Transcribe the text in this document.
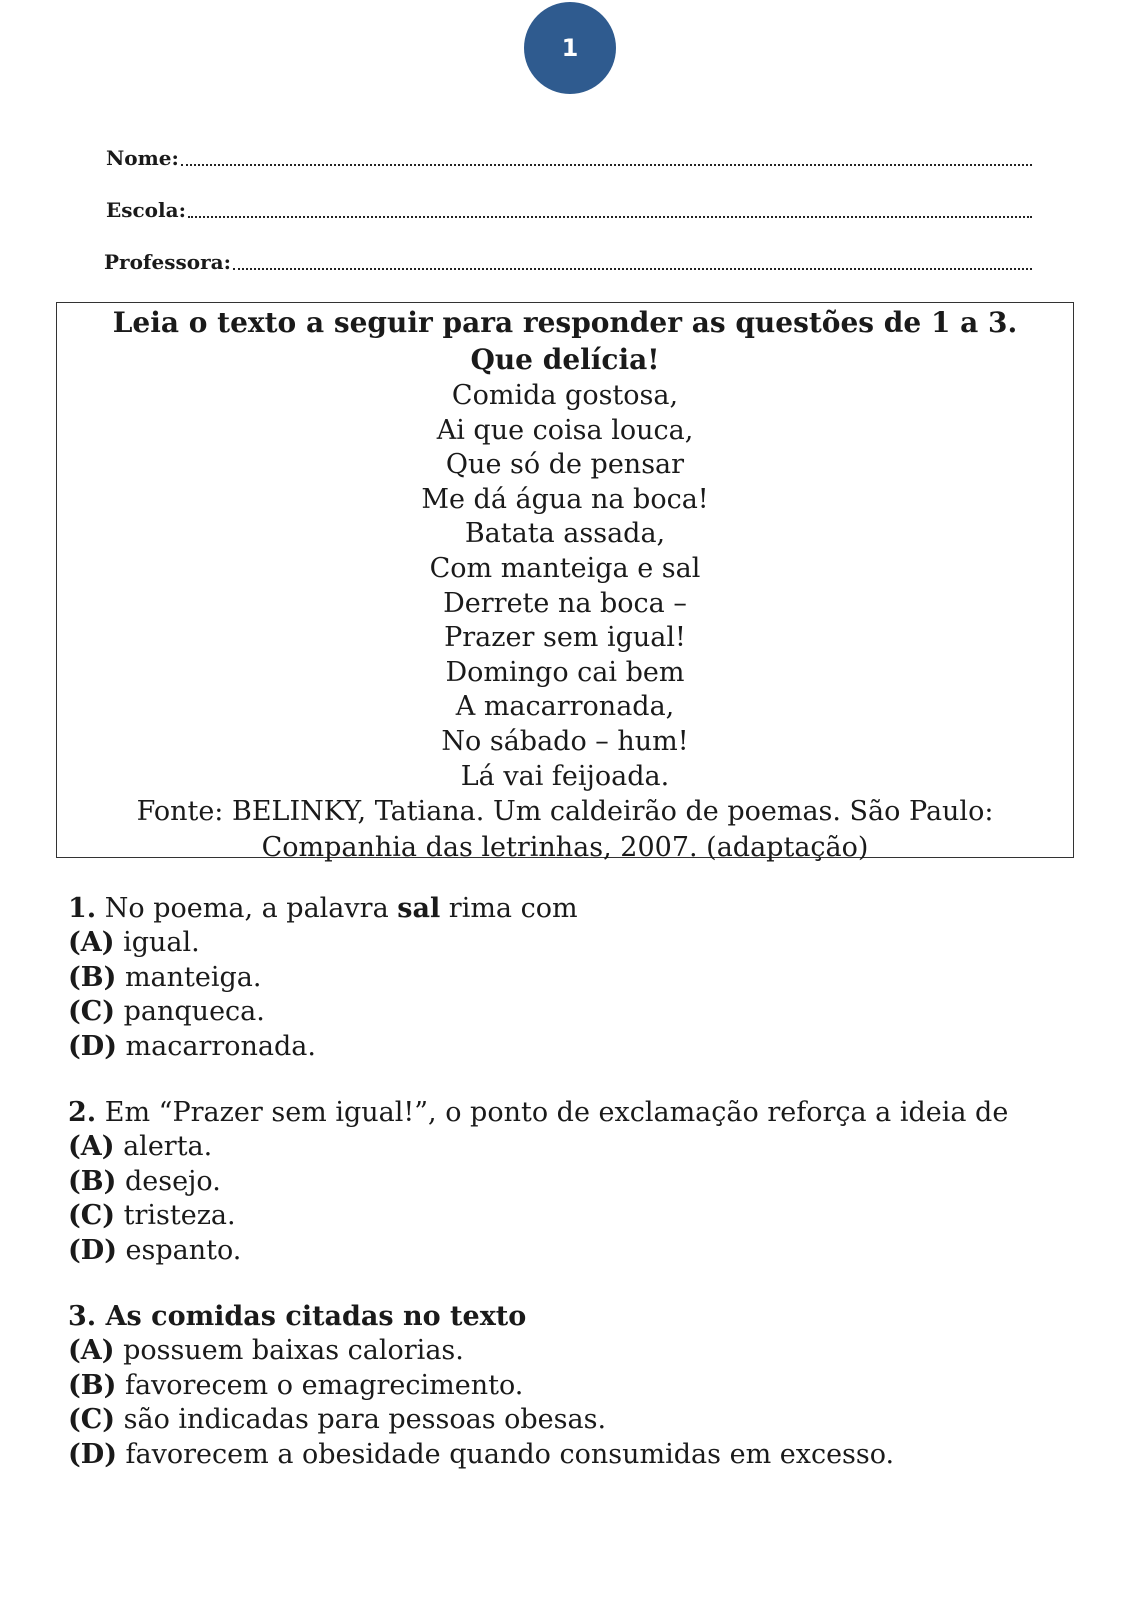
1
Nome:
Escola:
Professora:
Leia o texto a seguir para responder as questões de 1 a 3.
Que delícia!
Comida gostosa,
Ai que coisa louca,
Que só de pensar
Me dá água na boca!
Batata assada,
Com manteiga e sal
Derrete na boca –
Prazer sem igual!
Domingo cai bem
A macarronada,
No sábado – hum!
Lá vai feijoada.
Fonte: BELINKY, Tatiana. Um caldeirão de poemas. São Paulo:
Companhia das letrinhas, 2007. (adaptação)
1. No poema, a palavra sal rima com
(A) igual.
(B) manteiga.
(C) panqueca.
(D) macarronada.
2. Em “Prazer sem igual!”, o ponto de exclamação reforça a ideia de
(A) alerta.
(B) desejo.
(C) tristeza.
(D) espanto.
3. As comidas citadas no texto
(A) possuem baixas calorias.
(B) favorecem o emagrecimento.
(C) são indicadas para pessoas obesas.
(D) favorecem a obesidade quando consumidas em excesso.
